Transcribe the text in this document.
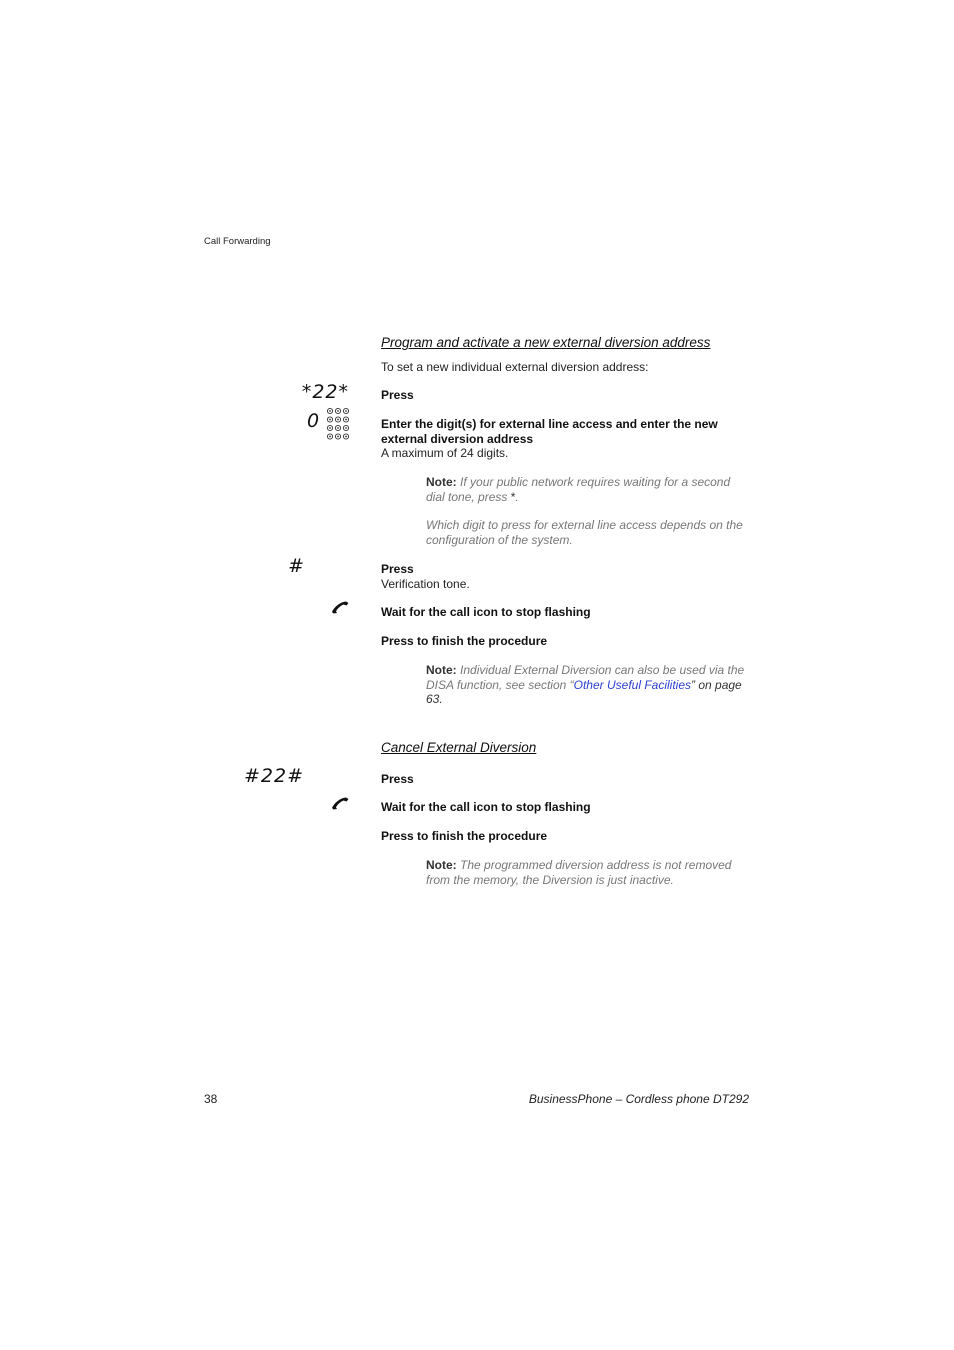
Call Forwarding
Program and activate a new external diversion address
To set a new individual external diversion address:
*22*	Press
0	Enter the digit(s) for external line access and enter the new external diversion address
A maximum of 24 digits.
Note: If your public network requires waiting for a second dial tone, press *.
Which digit to press for external line access depends on the configuration of the system.
#	Press
Verification tone.
Wait for the call icon to stop flashing
Press to finish the procedure
Note: Individual External Diversion can also be used via the DISA function, see section “Other Useful Facilities” on page 63.
Cancel External Diversion
#22#	Press
Wait for the call icon to stop flashing
Press to finish the procedure
Note: The programmed diversion address is not removed from the memory, the Diversion is just inactive.
38	BusinessPhone – Cordless phone DT292
